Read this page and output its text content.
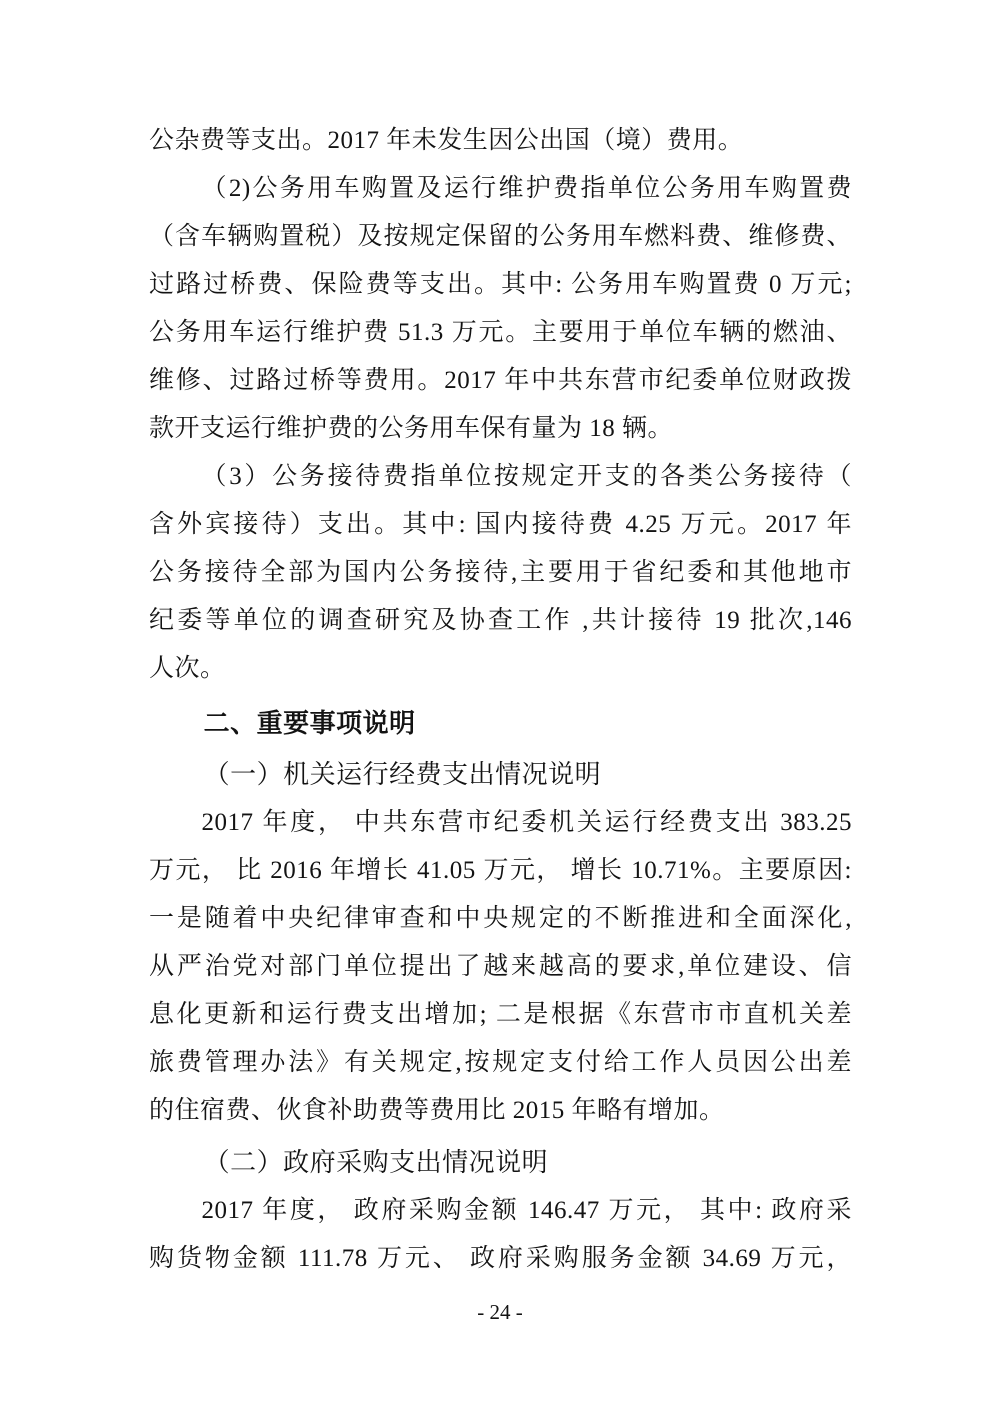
公杂费等支出。2017 年未发生因公出国（境）费用。
（2)公务用车购置及运行维护费指单位公务用车购置费
（含车辆购置税）及按规定保留的公务用车燃料费、维修费、
过路过桥费、保险费等支出。其中: 公务用车购置费 0 万元;
公务用车运行维护费 51.3 万元。主要用于单位车辆的燃油、
维修、过路过桥等费用。2017 年中共东营市纪委单位财政拨
款开支运行维护费的公务用车保有量为 18 辆。
（3）公务接待费指单位按规定开支的各类公务接待（
含外宾接待）支出。其中: 国内接待费 4.25 万元。2017 年
公务接待全部为国内公务接待,主要用于省纪委和其他地市
纪委等单位的调查研究及协查工作 ,共计接待 19 批次,146
人次。
二、重要事项说明
（一）机关运行经费支出情况说明
2017 年度， 中共东营市纪委机关运行经费支出 383.25
万元， 比 2016 年增长 41.05 万元， 增长 10.71%。主要原因:
一是随着中央纪律审查和中央规定的不断推进和全面深化,
从严治党对部门单位提出了越来越高的要求,单位建设、信
息化更新和运行费支出增加; 二是根据《东营市市直机关差
旅费管理办法》有关规定,按规定支付给工作人员因公出差
的住宿费、伙食补助费等费用比 2015 年略有增加。
（二）政府采购支出情况说明
2017 年度， 政府采购金额 146.47 万元， 其中: 政府采
购货物金额 111.78 万元、 政府采购服务金额 34.69 万元，
- 24 -
